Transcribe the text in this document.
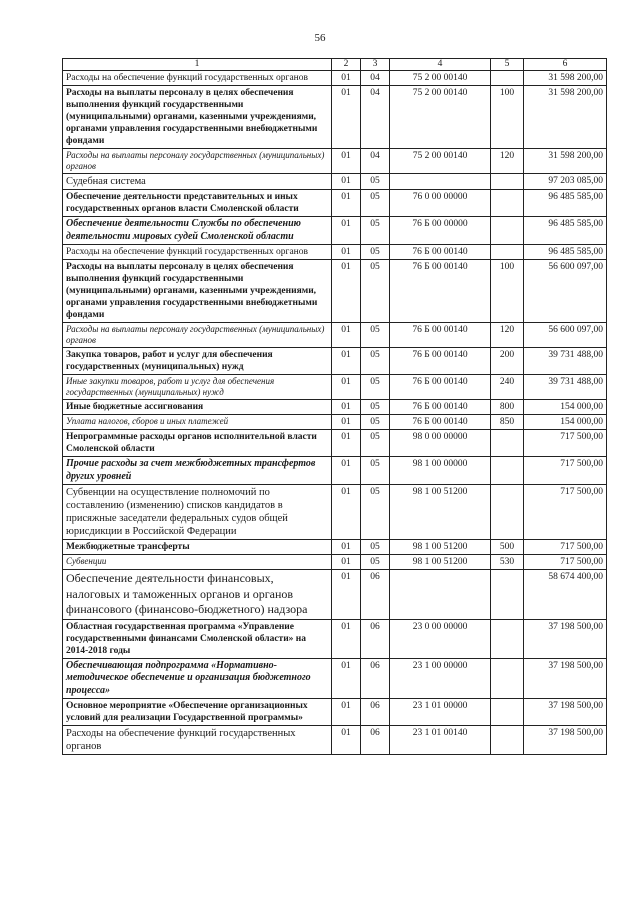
56
1	2	3	4	5	6
Расходы на обеспечение функций государственных органов	01	04	75 2 00 00140		31 598 200,00
Расходы на выплаты персоналу в целях обеспечения выполнения функций государственными (муниципальными) органами, казенными учреждениями, органами управления государственными внебюджетными фондами	01	04	75 2 00 00140	100	31 598 200,00
Расходы на выплаты персоналу государственных (муниципальных) органов	01	04	75 2 00 00140	120	31 598 200,00
Судебная система	01	05			97 203 085,00
Обеспечение деятельности представительных и иных государственных органов власти Смоленской области	01	05	76 0 00 00000		96 485 585,00
Обеспечение деятельности Службы по обеспечению деятельности мировых судей Смоленской области	01	05	76 Б 00 00000		96 485 585,00
Расходы на обеспечение функций государственных органов	01	05	76 Б 00 00140		96 485 585,00
Расходы на выплаты персоналу в целях обеспечения выполнения функций государственными (муниципальными) органами, казенными учреждениями, органами управления государственными внебюджетными фондами	01	05	76 Б 00 00140	100	56 600 097,00
Расходы на выплаты персоналу государственных (муниципальных) органов	01	05	76 Б 00 00140	120	56 600 097,00
Закупка товаров, работ и услуг для обеспечения государственных (муниципальных) нужд	01	05	76 Б 00 00140	200	39 731 488,00
Иные закупки товаров, работ и услуг для обеспечения государственных (муниципальных) нужд	01	05	76 Б 00 00140	240	39 731 488,00
Иные бюджетные ассигнования	01	05	76 Б 00 00140	800	154 000,00
Уплата налогов, сборов и иных платежей	01	05	76 Б 00 00140	850	154 000,00
Непрограммные расходы органов исполнительной власти Смоленской области	01	05	98 0 00 00000		717 500,00
Прочие расходы за счет межбюджетных трансфертов других уровней	01	05	98 1 00 00000		717 500,00
Субвенции на осуществление полномочий по составлению (изменению) списков кандидатов в присяжные заседатели федеральных судов общей юрисдикции в Российской Федерации	01	05	98 1 00 51200		717 500,00
Межбюджетные трансферты	01	05	98 1 00 51200	500	717 500,00
Субвенции	01	05	98 1 00 51200	530	717 500,00
Обеспечение деятельности финансовых, налоговых и таможенных органов и органов финансового (финансово-бюджетного) надзора	01	06			58 674 400,00
Областная государственная программа «Управление государственными финансами Смоленской области» на 2014-2018 годы	01	06	23 0 00 00000		37 198 500,00
Обеспечивающая подпрограмма «Нормативно-методическое обеспечение и организация бюджетного процесса»	01	06	23 1 00 00000		37 198 500,00
Основное мероприятие «Обеспечение организационных условий для реализации Государственной программы»	01	06	23 1 01 00000		37 198 500,00
Расходы на обеспечение функций государственных органов	01	06	23 1 01 00140		37 198 500,00
